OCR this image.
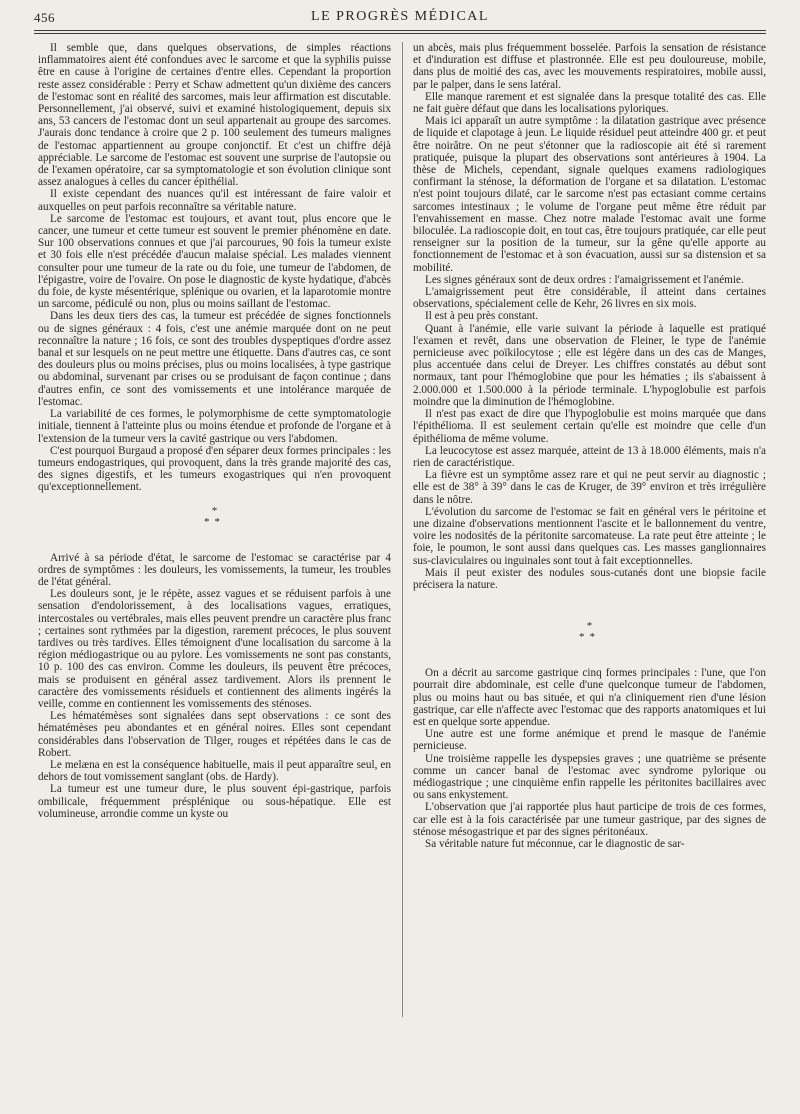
456	LE PROGRÈS MÉDICAL

Il semble que, dans quelques observations, de simples réactions inflammatoires aient été confondues avec le sarcome et que la syphilis puisse être en cause à l'origine de certaines d'entre elles. Cependant la proportion reste assez considérable : Perry et Schaw admettent qu'un dixième des cancers de l'estomac sont en réalité des sarcomes, mais leur affirmation est discutable. Personnellement, j'ai observé, suivi et examiné histologiquement, depuis six ans, 53 cancers de l'estomac dont un seul appartenait au groupe des sarcomes. J'aurais donc tendance à croire que 2 p. 100 seulement des tumeurs malignes de l'estomac appartiennent au groupe conjonctif. Et c'est un chiffre déjà appréciable. Le sarcome de l'estomac est souvent une surprise de l'autopsie ou de l'examen opératoire, car sa symptomatologie et son évolution clinique sont assez analogues à celles du cancer épithélial.

Il existe cependant des nuances qu'il est intéressant de faire valoir et auxquelles on peut parfois reconnaître sa véritable nature.

Le sarcome de l'estomac est toujours, et avant tout, plus encore que le cancer, une tumeur et cette tumeur est souvent le premier phénomène en date. Sur 100 observations connues et que j'ai parcourues, 90 fois la tumeur existe et 30 fois elle n'est précédée d'aucun malaise spécial. Les malades viennent consulter pour une tumeur de la rate ou du foie, une tumeur de l'abdomen, de l'épigastre, voire de l'ovaire. On pose le diagnostic de kyste hydatique, d'abcès du foie, de kyste mésentérique, splénique ou ovarien, et la laparotomie montre un sarcome, pédiculé ou non, plus ou moins saillant de l'estomac.

Dans les deux tiers des cas, la tumeur est précédée de signes fonctionnels ou de signes généraux : 4 fois, c'est une anémie marquée dont on ne peut reconnaître la nature ; 16 fois, ce sont des troubles dyspeptiques d'ordre assez banal et sur lesquels on ne peut mettre une étiquette. Dans d'autres cas, ce sont des douleurs plus ou moins précises, plus ou moins localisées, à type gastrique ou abdominal, survenant par crises ou se produisant de façon continue ; dans d'autres enfin, ce sont des vomissements et une intolérance marquée de l'estomac.

La variabilité de ces formes, le polymorphisme de cette symptomatologie initiale, tiennent à l'atteinte plus ou moins étendue et profonde de l'organe et à l'extension de la tumeur vers la cavité gastrique ou vers l'abdomen.

C'est pourquoi Burgaud a proposé d'en séparer deux formes principales : les tumeurs endogastriques, qui provoquent, dans la très grande majorité des cas, des signes digestifs, et les tumeurs exogastriques qui n'en provoquent qu'exceptionnellement.

*
**

Arrivé à sa période d'état, le sarcome de l'estomac se caractérise par 4 ordres de symptômes : les douleurs, les vomissements, la tumeur, les troubles de l'état général.

Les douleurs sont, je le répète, assez vagues et se réduisent parfois à une sensation d'endolorissement, à des localisations vagues, erratiques, intercostales ou vertébrales, mais elles peuvent prendre un caractère plus franc ; certaines sont rythmées par la digestion, rarement précoces, le plus souvent tardives ou très tardives. Elles témoignent d'une localisation du sarcome à la région médiogastrique ou au pylore. Les vomissements ne sont pas constants, 10 p. 100 des cas environ. Comme les douleurs, ils peuvent être précoces, mais se produisent en général assez tardivement. Alors ils prennent le caractère des vomissements résiduels et contiennent des aliments ingérés la veille, comme en contiennent les vomissements des sténoses.

Les hématémèses sont signalées dans sept observations : ce sont des hématémèses peu abondantes et en général noires. Elles sont cependant considérables dans l'observation de Tilger, rouges et répétées dans le cas de Robert.

Le melæna en est la conséquence habituelle, mais il peut apparaître seul, en dehors de tout vomissement sanglant (obs. de Hardy).

La tumeur est une tumeur dure, le plus souvent épi-gastrique, parfois ombilicale, fréquemment présplénique ou sous-hépatique. Elle est volumineuse, arrondie comme un kyste ou

un abcès, mais plus fréquemment bosselée. Parfois la sensation de résistance et d'induration est diffuse et plastronnée. Elle est peu douloureuse, mobile, dans plus de moitié des cas, avec les mouvements respiratoires, mobile aussi, par le palper, dans le sens latéral.

Elle manque rarement et est signalée dans la presque totalité des cas. Elle ne fait guère défaut que dans les localisations pyloriques.

Mais ici apparaît un autre symptôme : la dilatation gastrique avec présence de liquide et clapotage à jeun. Le liquide résiduel peut atteindre 400 gr. et peut être noirâtre. On ne peut s'étonner que la radioscopie ait été si rarement pratiquée, puisque la plupart des observations sont antérieures à 1904. La thèse de Michels, cependant, signale quelques examens radiologiques confirmant la sténose, la déformation de l'organe et sa dilatation. L'estomac n'est point toujours dilaté, car le sarcome n'est pas ectasiant comme certains sarcomes intestinaux ; le volume de l'organe peut même être réduit par l'envahissement en masse. Chez notre malade l'estomac avait une forme biloculée. La radioscopie doit, en tout cas, être toujours pratiquée, car elle peut renseigner sur la position de la tumeur, sur la gêne qu'elle apporte au fonctionnement de l'estomac et à son évacuation, aussi sur sa distension et sa mobilité.

Les signes généraux sont de deux ordres : l'amaigrissement et l'anémie.

L'amaigrissement peut être considérable, il atteint dans certaines observations, spécialement celle de Kehr, 26 livres en six mois.

Il est à peu près constant.

Quant à l'anémie, elle varie suivant la période à laquelle est pratiqué l'examen et revêt, dans une observation de Fleiner, le type de l'anémie pernicieuse avec poïkilocytose ; elle est légère dans un des cas de Manges, plus accentuée dans celui de Dreyer. Les chiffres constatés au début sont normaux, tant pour l'hémoglobine que pour les hématies ; ils s'abaissent à 2.000.000 et 1.500.000 à la période terminale. L'hypoglobulie est parfois moindre que la diminution de l'hémoglobine.

Il n'est pas exact de dire que l'hypoglobulie est moins marquée que dans l'épithélioma. Il est seulement certain qu'elle est moindre que celle d'un épithélioma de même volume.

La leucocytose est assez marquée, atteint de 13 à 18.000 éléments, mais n'a rien de caractéristique.

La fièvre est un symptôme assez rare et qui ne peut servir au diagnostic ; elle est de 38° à 39° dans le cas de Kruger, de 39° environ et très irrégulière dans le nôtre.

L'évolution du sarcome de l'estomac se fait en général vers le péritoine et une dizaine d'observations mentionnent l'ascite et le ballonnement du ventre, voire les nodosités de la péritonite sarcomateuse. La rate peut être atteinte ; le foie, le poumon, le sont aussi dans quelques cas. Les masses ganglionnaires sus-claviculaires ou inguinales sont tout à fait exceptionnelles.

Mais il peut exister des nodules sous-cutanés dont une biopsie facile précisera la nature.

*
**

On a décrit au sarcome gastrique cinq formes principales : l'une, que l'on pourrait dire abdominale, est celle d'une quelconque tumeur de l'abdomen, plus ou moins haut ou bas située, et qui n'a cliniquement rien d'une lésion gastrique, car elle n'affecte avec l'estomac que des rapports anatomiques et lui est en quelque sorte appendue.

Une autre est une forme anémique et prend le masque de l'anémie pernicieuse.

Une troisième rappelle les dyspepsies graves ; une quatrième se présente comme un cancer banal de l'estomac avec syndrome pylorique ou médiogastrique ; une cinquième enfin rappelle les péritonites bacillaires avec ou sans enkystement.

L'observation que j'ai rapportée plus haut participe de trois de ces formes, car elle est à la fois caractérisée par une tumeur gastrique, par des signes de sténose mésogastrique et par des signes péritonéaux.

Sa véritable nature fut méconnue, car le diagnostic de sar-
